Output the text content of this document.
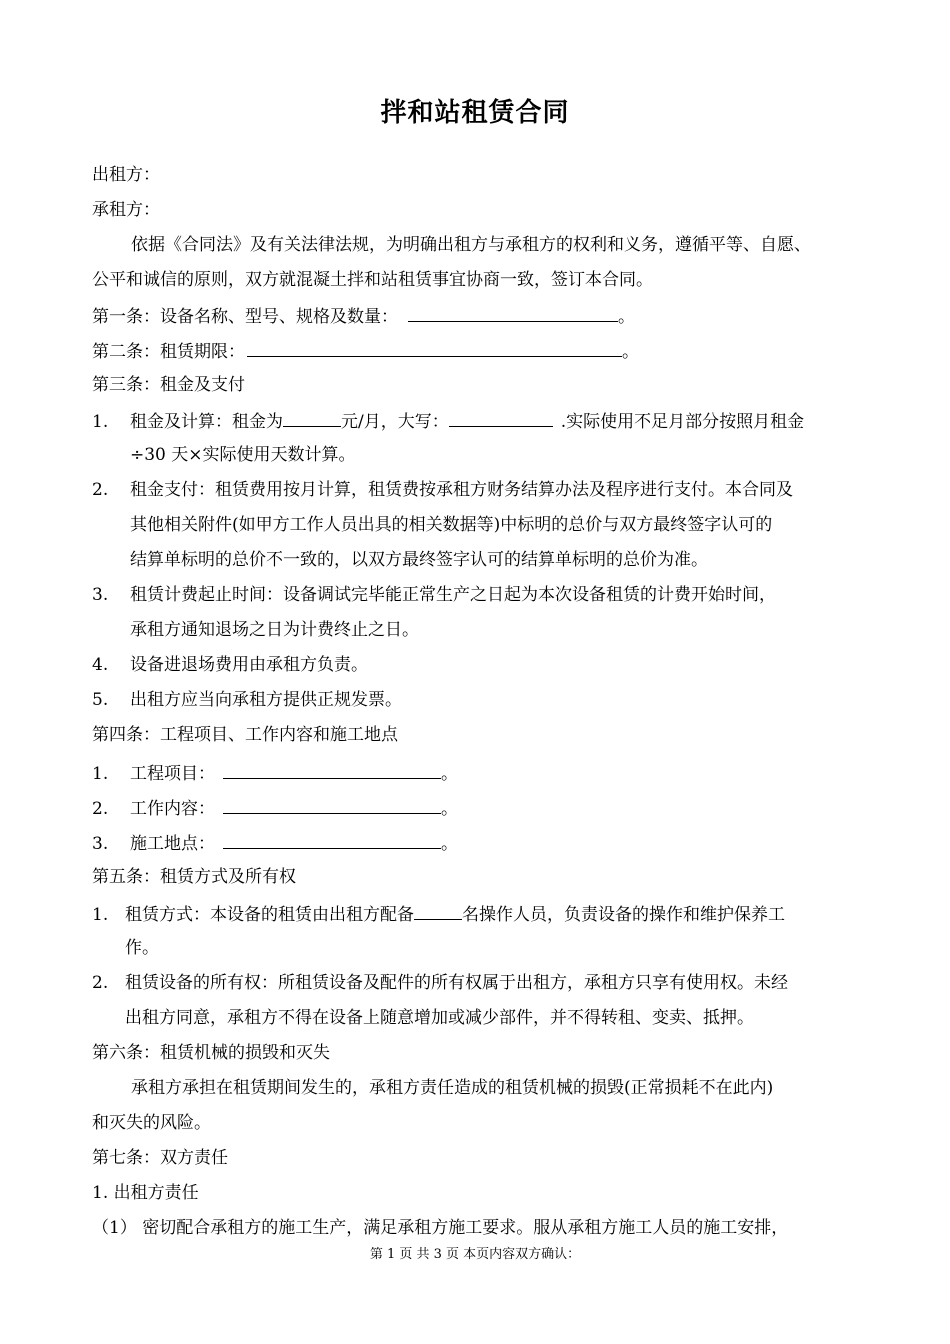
拌和站租赁合同
出租方：
承租方：
依据《合同法》及有关法律法规，为明确出租方与承租方的权利和义务，遵循平等、自愿、
公平和诚信的原则，双方就混凝土拌和站租赁事宜协商一致，签订本合同。
第一条：设备名称、型号、规格及数量：	。
第二条：租赁期限：	。
第三条：租金及支付
1. 租金及计算：租金为	元/月，大写：	.实际使用不足月部分按照月租金
÷30 天×实际使用天数计算。
2. 租金支付：租赁费用按月计算，租赁费按承租方财务结算办法及程序进行支付。本合同及
其他相关附件(如甲方工作人员出具的相关数据等)中标明的总价与双方最终签字认可的
结算单标明的总价不一致的，以双方最终签字认可的结算单标明的总价为准。
3. 租赁计费起止时间：设备调试完毕能正常生产之日起为本次设备租赁的计费开始时间，
承租方通知退场之日为计费终止之日。
4. 设备进退场费用由承租方负责。
5. 出租方应当向承租方提供正规发票。
第四条：工程项目、工作内容和施工地点
1. 工程项目：	。
2. 工作内容：	。
3. 施工地点：	。
第五条：租赁方式及所有权
1. 租赁方式：本设备的租赁由出租方配备	名操作人员，负责设备的操作和维护保养工
作。
2. 租赁设备的所有权：所租赁设备及配件的所有权属于出租方，承租方只享有使用权。未经
出租方同意，承租方不得在设备上随意增加或减少部件，并不得转租、变卖、抵押。
第六条：租赁机械的损毁和灭失
承租方承担在租赁期间发生的，承租方责任造成的租赁机械的损毁(正常损耗不在此内)
和灭失的风险。
第七条：双方责任
1. 出租方责任
（1） 密切配合承租方的施工生产，满足承租方施工要求。服从承租方施工人员的施工安排，
第 1 页 共 3 页 本页内容双方确认：
